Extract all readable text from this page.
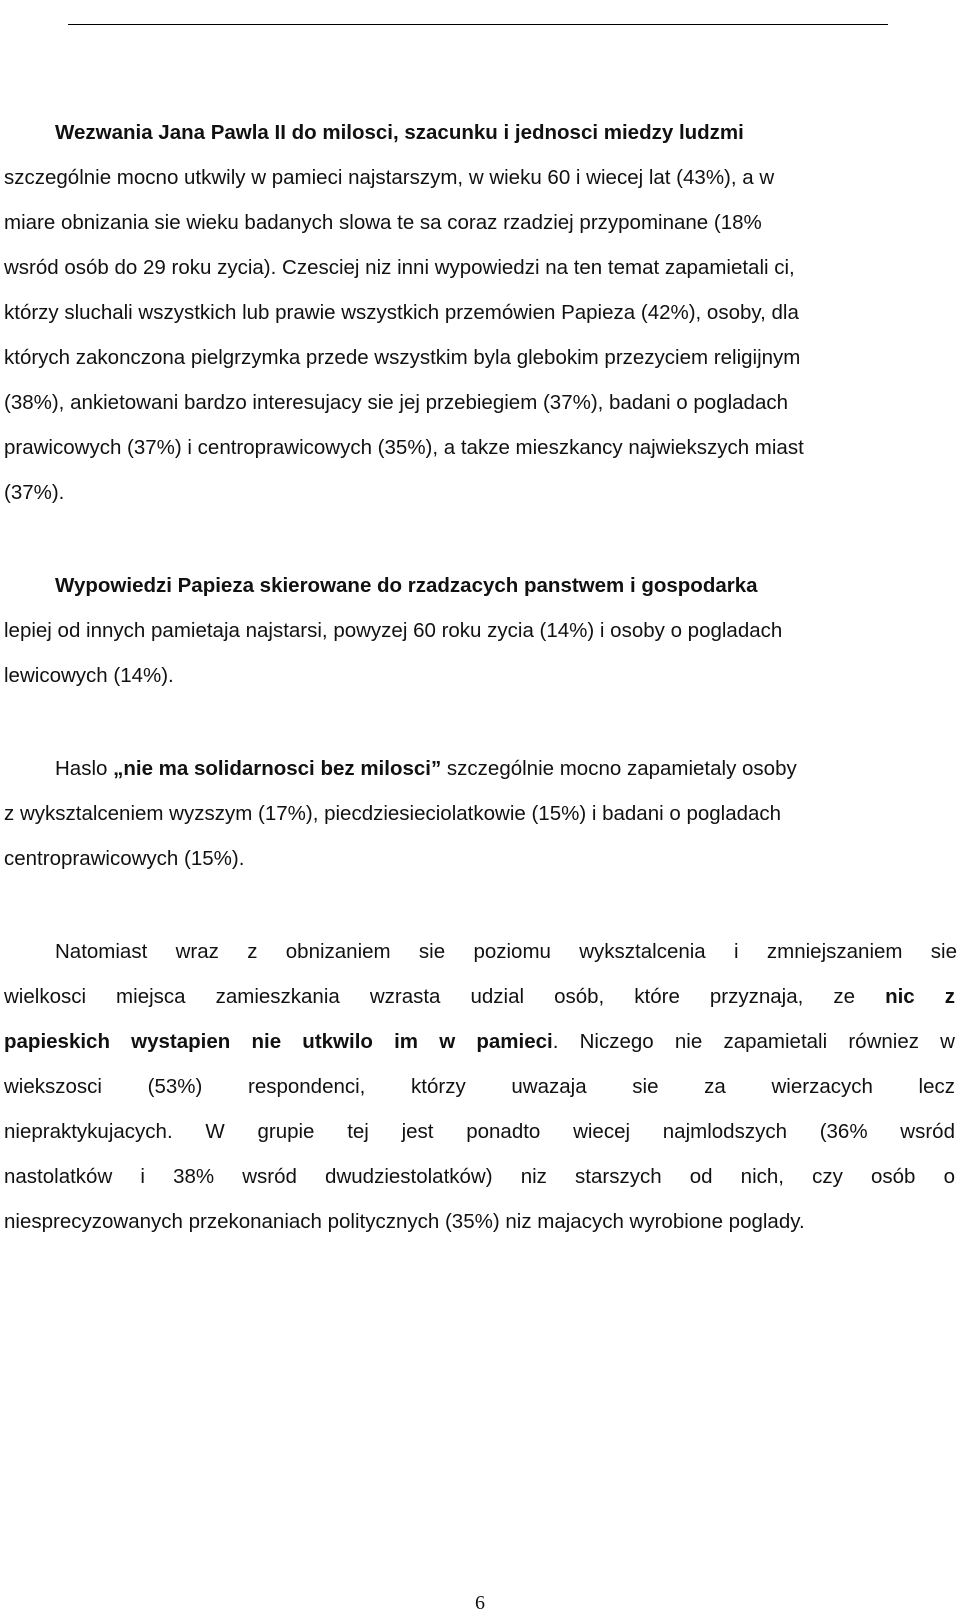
Osrodek Badania Opinii Publicznej Sp. z o.o.	„Po wizycie Papieza ...”	19-21.06.1999

Wezwania Jana Pawla II do milosci, szacunku i jednosci miedzy ludzmi
szczególnie mocno utkwily w pamieci najstarszym, w wieku 60 i wiecej lat (43%), a w
miare obnizania sie wieku badanych slowa te sa coraz rzadziej przypominane (18%
wsród osób do 29 roku zycia). Czesciej niz inni wypowiedzi na ten temat zapamietali ci,
którzy sluchali wszystkich lub prawie wszystkich przemówien Papieza (42%), osoby, dla
których zakonczona pielgrzymka przede wszystkim byla glebokim przezyciem religijnym
(38%), ankietowani bardzo interesujacy sie jej przebiegiem (37%), badani o pogladach
prawicowych (37%) i centroprawicowych (35%), a takze mieszkancy najwiekszych miast
(37%).

Wypowiedzi Papieza skierowane do rzadzacych panstwem i gospodarka
lepiej od innych pamietaja najstarsi, powyzej 60 roku zycia (14%) i osoby o pogladach
lewicowych (14%).

Haslo „nie ma solidarnosci bez milosci” szczególnie mocno zapamietaly osoby
z wyksztalceniem wyzszym (17%), piecdziesieciolatkowie (15%) i badani o pogladach
centroprawicowych (15%).

Natomiast wraz z obnizaniem sie poziomu wyksztalcenia i zmniejszaniem sie
wielkosci miejsca zamieszkania wzrasta udzial osób, które przyznaja, ze nic z
papieskich wystapien nie utkwilo im w pamieci. Niczego nie zapamietali równiez w
wiekszosci (53%) respondenci, którzy uwazaja sie za wierzacych lecz
niepraktykujacych. W grupie tej jest ponadto wiecej najmlodszych (36% wsród
nastolatków i 38% wsród dwudziestolatków) niz starszych od nich, czy osób o
niesprecyzowanych przekonaniach politycznych (35%) niz majacych wyrobione poglady.

6
